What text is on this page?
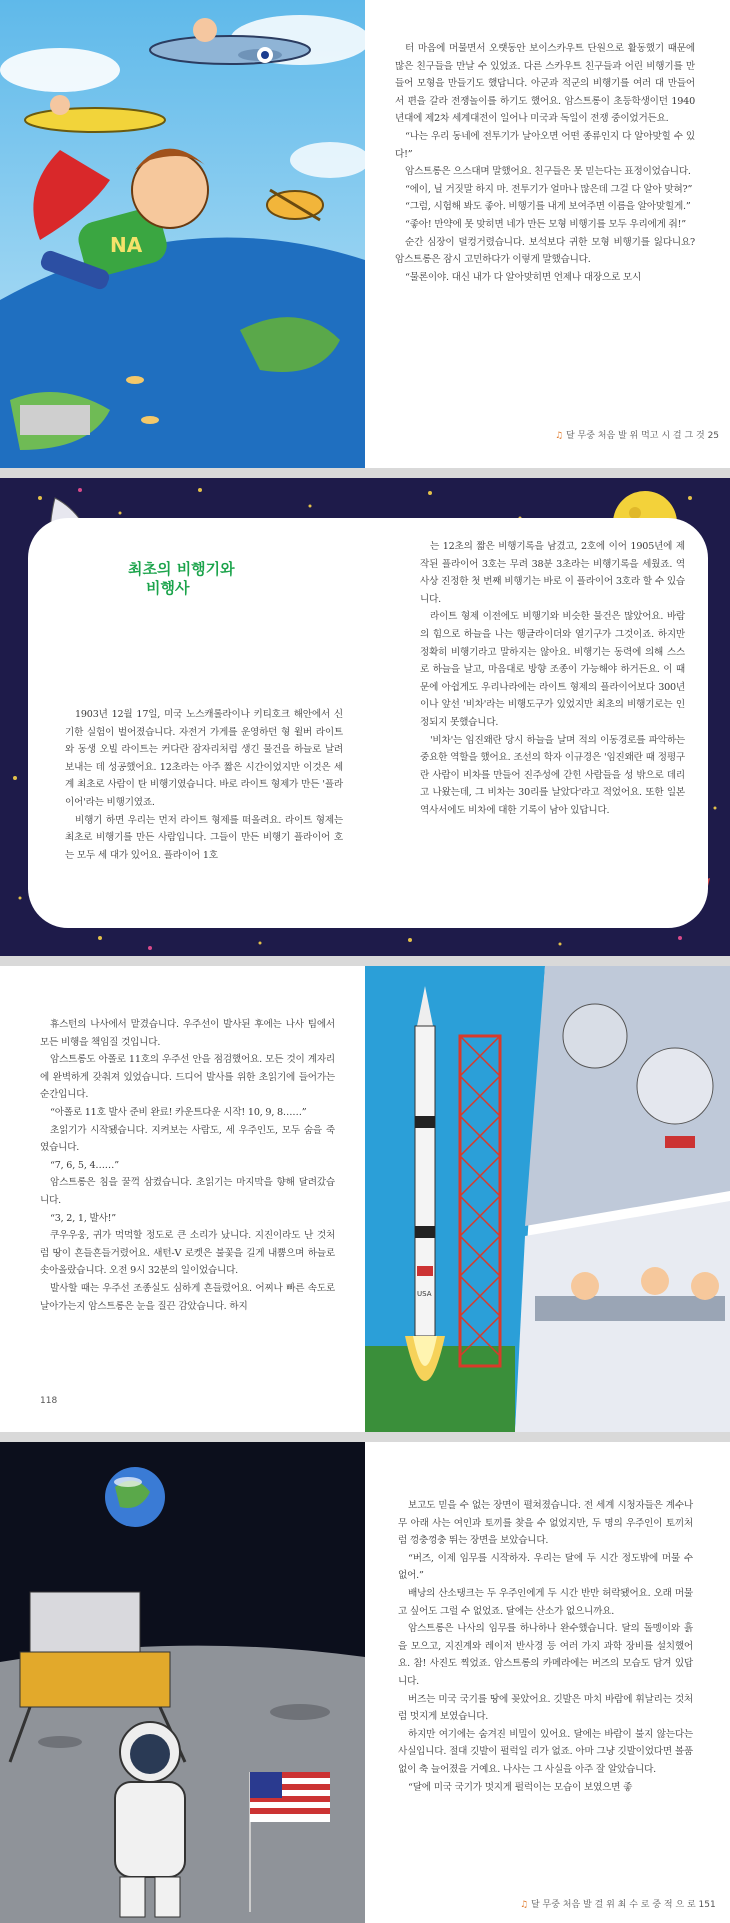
NA

터 마음에 머물면서 오랫동안 보이스카우트 단원으로 활동했기 때문에 많은 친구들을 만날 수 있었죠. 다른 스카우트 친구들과 어린 비행기를 만들어 모형을 만들기도 했답니다. 아군과 적군의 비행기를 여러 대 만들어서 편을 갈라 전쟁놀이를 하기도 했어요. 암스트롱이 초등학생이던 1940년대에 제2차 세계대전이 일어나 미국과 독일이 전쟁 중이었거든요.

“나는 우리 동네에 전투기가 날아오면 어떤 종류인지 다 알아맞힐 수 있다!”

암스트롱은 으스대며 말했어요. 친구들은 못 믿는다는 표정이었습니다.

“에이, 닐 거짓말 하지 마. 전투기가 얼마나 많은데 그걸 다 알아 맞혀?”

“그럼, 시험해 봐도 좋아. 비행기를 내게 보여주면 이름을 알아맞힐게.”

“좋아! 만약에 못 맞히면 네가 만든 모형 비행기를 모두 우리에게 줘!”

순간 심장이 덜컹거렸습니다. 보석보다 귀한 모형 비행기를 잃다니요? 암스트롱은 잠시 고민하다가 이렇게 말했습니다.

“물론이야. 대신 내가 다 알아맞히면 언제나 대장으로 모시

♫ 달 무중 처음 발 위 먹고 시 걸 그 것 25
최초의 비행기와
비행사

1903년 12월 17일, 미국 노스캐롤라이나 키티호크 해안에서 신기한 실험이 벌어졌습니다. 자전거 가게를 운영하던 형 윌버 라이트와 동생 오빌 라이트는 커다란 잠자리처럼 생긴 물건을 하늘로 날려 보내는 데 성공했어요. 12초라는 아주 짧은 시간이었지만 이것은 세계 최초로 사람이 탄 비행기였습니다. 바로 라이트 형제가 만든 '플라이어'라는 비행기였죠.

비행기 하면 우리는 먼저 라이트 형제를 떠올려요. 라이트 형제는 최초로 비행기를 만든 사람입니다. 그들이 만든 비행기 플라이어 호는 모두 세 대가 있어요. 플라이어 1호

는 12초의 짧은 비행기록을 남겼고, 2호에 이어 1905년에 제작된 플라이어 3호는 무려 38분 3초라는 비행기록을 세웠죠. 역사상 진정한 첫 번째 비행기는 바로 이 플라이어 3호라 할 수 있습니다.

라이트 형제 이전에도 비행기와 비슷한 물건은 많았어요. 바람의 힘으로 하늘을 나는 행글라이더와 열기구가 그것이죠. 하지만 정확히 비행기라고 말하지는 않아요. 비행기는 동력에 의해 스스로 하늘을 날고, 마음대로 방향 조종이 가능해야 하거든요. 이 때문에 아쉽게도 우리나라에는 라이트 형제의 플라이어보다 300년이나 앞선 '비차'라는 비행도구가 있었지만 최초의 비행기로는 인정되지 못했습니다.

'비차'는 임진왜란 당시 하늘을 날며 적의 이동경로를 파악하는 중요한 역할을 했어요. 조선의 학자 이규경은 '임진왜란 때 정평구란 사람이 비차를 만들어 진주성에 갇힌 사람들을 성 밖으로 데리고 나왔는데, 그 비차는 30리를 날았다'라고 적었어요. 또한 일본 역사서에도 비차에 대한 기록이 남아 있답니다.

휴스턴의 나사에서 맡겼습니다. 우주선이 발사된 후에는 나사 팀에서 모든 비행을 책임질 것입니다.

암스트롱도 아폴로 11호의 우주선 안을 점검했어요. 모든 것이 계자리에 완벽하게 갖춰져 있었습니다. 드디어 발사를 위한 초읽기에 들어가는 순간입니다.

“아폴로 11호 발사 준비 완료! 카운트다운 시작! 10, 9, 8……”

초읽기가 시작됐습니다. 지켜보는 사람도, 세 우주인도, 모두 숨을 죽였습니다.

“7, 6, 5, 4……”

암스트롱은 침을 꿀꺽 삼켰습니다. 초읽기는 마지막을 향해 달려갔습니다.

“3, 2, 1, 발사!”

쿠우우웅, 귀가 먹먹할 정도로 큰 소리가 났니다. 지진이라도 난 것처럼 땅이 흔들흔들거렸어요. 새턴-V 로켓은 불꽃을 길게 내뿜으며 하늘로 솟아올랐습니다. 오전 9시 32분의 일이었습니다.

발사할 때는 우주선 조종실도 심하게 흔들렸어요. 어찌나 빠른 속도로 날아가는지 암스트롱은 눈을 질끈 감았습니다. 하지

118
USA

보고도 믿을 수 없는 장면이 펼쳐졌습니다. 전 세계 시청자들은 계수나무 아래 사는 여인과 토끼를 찾을 수 없었지만, 두 명의 우주인이 토끼처럼 껑충껑충 뛰는 장면을 보았습니다.

“버즈, 이제 임무를 시작하자. 우리는 달에 두 시간 정도밖에 머물 수 없어.”

배낭의 산소탱크는 두 우주인에게 두 시간 반만 허락됐어요. 오래 머물고 싶어도 그럴 수 없었죠. 달에는 산소가 없으니까요.

암스트롱은 나사의 임무를 하나하나 완수했습니다. 달의 돌멩이와 흙을 모으고, 지진계와 레이저 반사경 등 여러 가지 과학 장비를 설치했어요. 참! 사진도 찍었죠. 암스트롱의 카메라에는 버즈의 모습도 담겨 있답니다.

버즈는 미국 국기를 땅에 꽂았어요. 깃발은 마치 바람에 휘날리는 것처럼 멋지게 보였습니다.

하지만 여기에는 숨겨진 비밀이 있어요. 달에는 바람이 불지 않는다는 사실입니다. 절대 깃발이 펄럭일 리가 없죠. 아마 그냥 깃발이었다면 볼품없이 축 늘어졌을 거예요. 나사는 그 사실을 아주 잘 알았습니다.

“달에 미국 국기가 멋지게 펄럭이는 모습이 보였으면 좋

♫ 달 무중 처음 발 걸 위 최 수 로 중 적 으 로 151
